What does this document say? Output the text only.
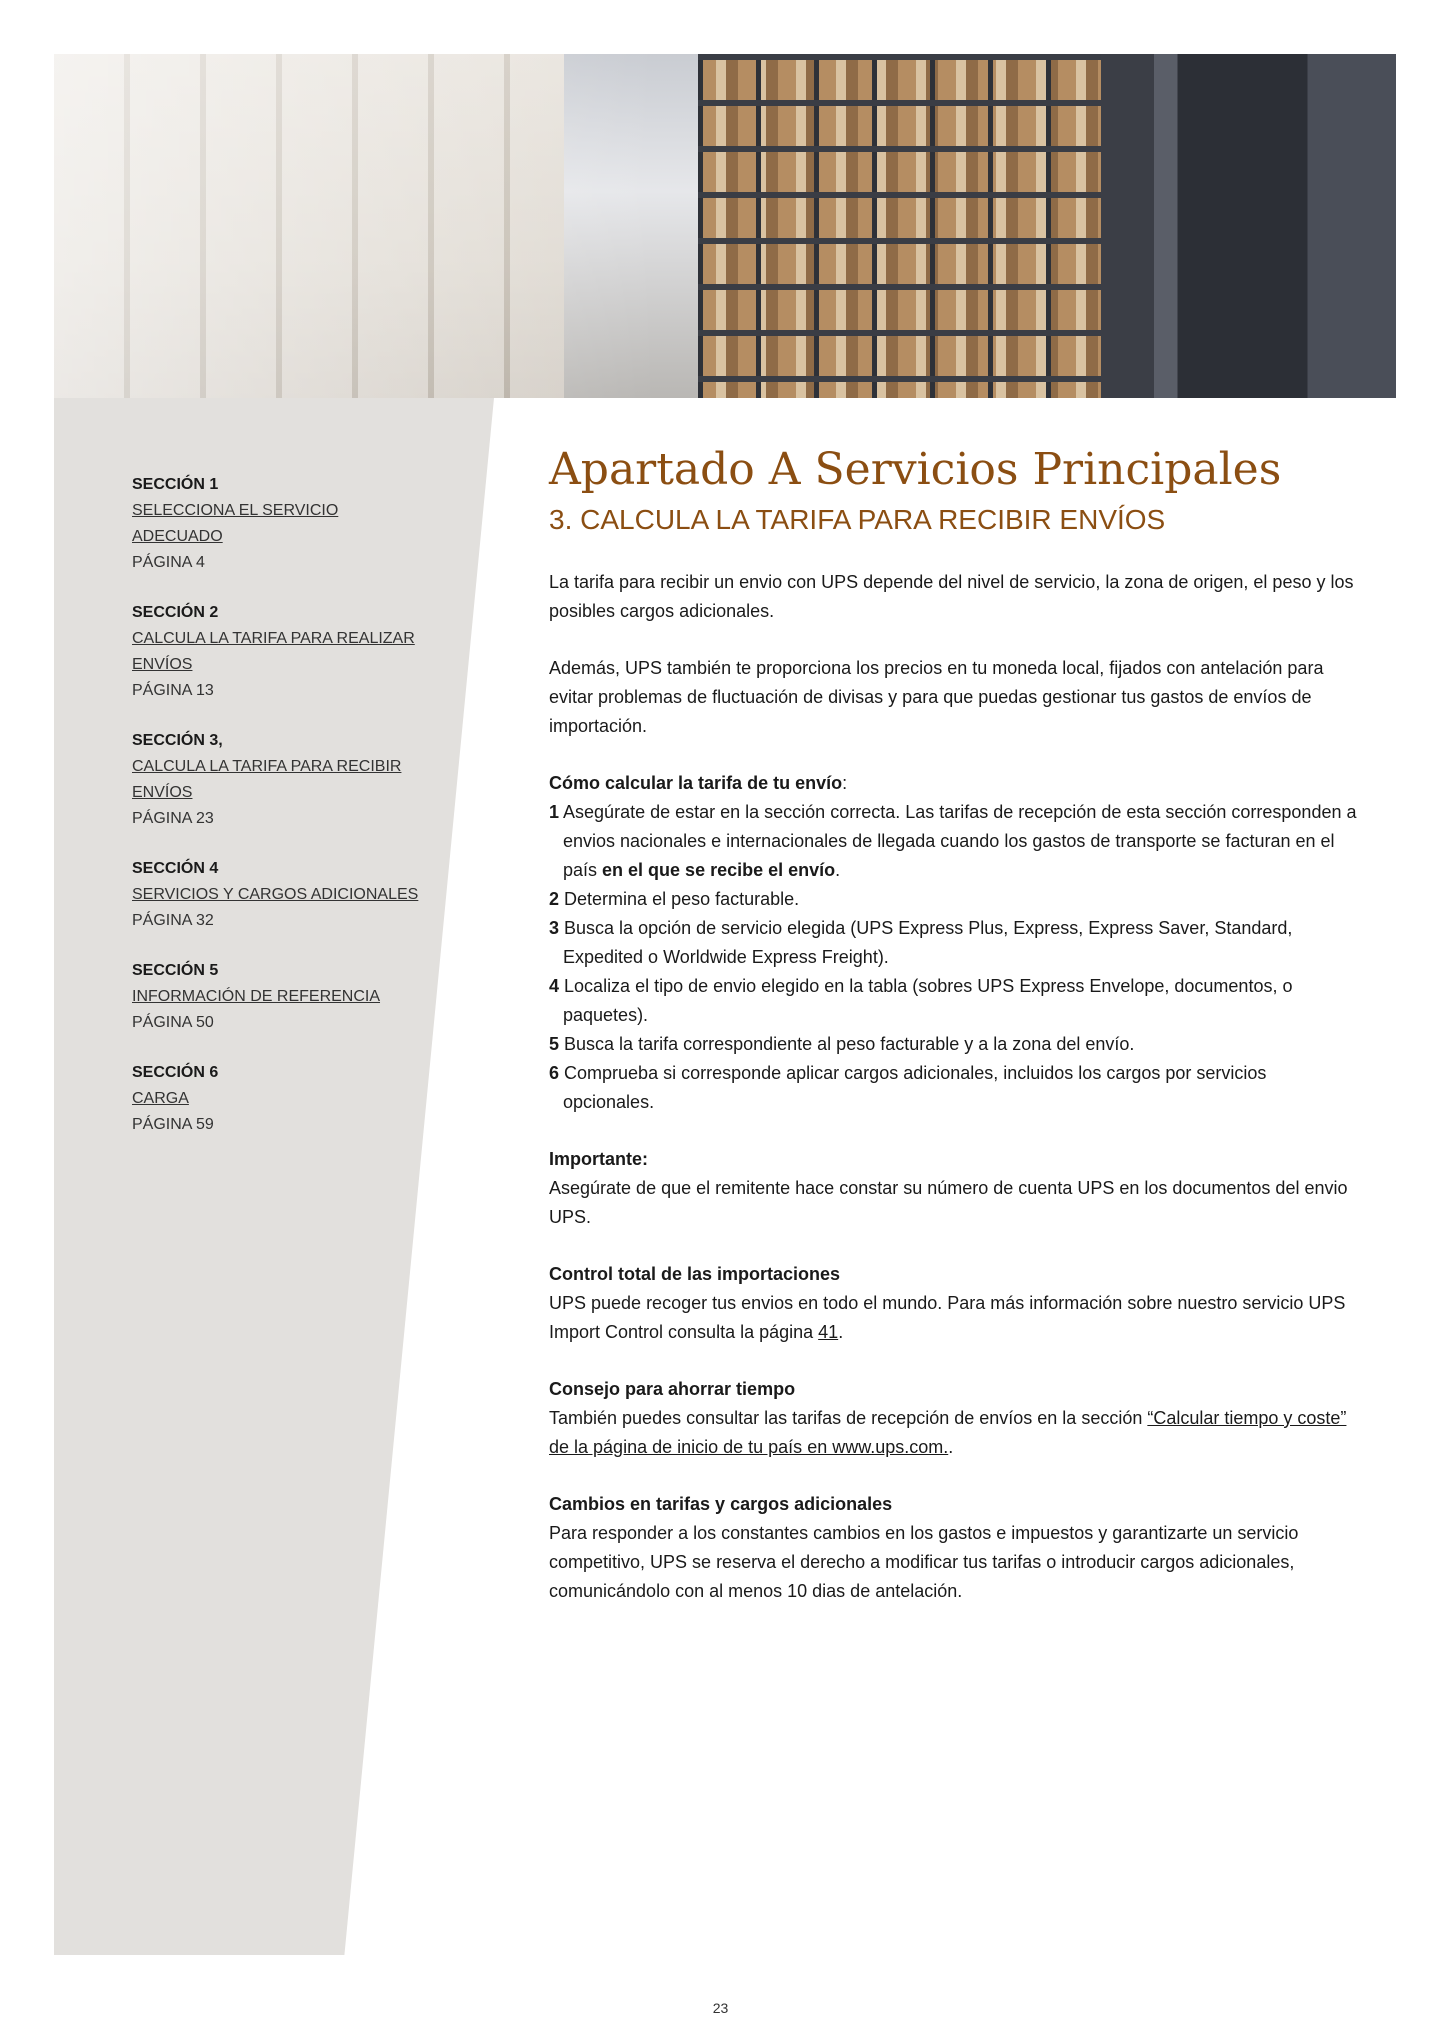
SECCIÓN 1
SELECCIONA EL SERVICIO
ADECUADO
PÁGINA 4
SECCIÓN 2
CALCULA LA TARIFA PARA REALIZAR
ENVÍOS
PÁGINA 13
SECCIÓN 3,
CALCULA LA TARIFA PARA RECIBIR
ENVÍOS
PÁGINA 23
SECCIÓN 4
SERVICIOS Y CARGOS ADICIONALES
PÁGINA 32
SECCIÓN 5
INFORMACIÓN DE REFERENCIA
PÁGINA 50
SECCIÓN 6
CARGA
PÁGINA 59
Apartado A Servicios Principales
3. CALCULA LA TARIFA PARA RECIBIR ENVÍOS

La tarifa para recibir un envio con UPS depende del nivel de servicio, la zona de origen, el peso y los posibles cargos adicionales.

Además, UPS también te proporciona los precios en tu moneda local, fijados con antelación para evitar problemas de fluctuación de divisas y para que puedas gestionar tus gastos de envíos de importación.

Cómo calcular la tarifa de tu envío:

1 Asegúrate de estar en la sección correcta. Las tarifas de recepción de esta sección corresponden a envios nacionales e internacionales de llegada cuando los gastos de transporte se facturan en el país en el que se recibe el envío.
2 Determina el peso facturable.
3 Busca la opción de servicio elegida (UPS Express Plus, Express, Express Saver, Standard, Expedited o Worldwide Express Freight).
4 Localiza el tipo de envio elegido en la tabla (sobres UPS Express Envelope, documentos, o paquetes).
5 Busca la tarifa correspondiente al peso facturable y a la zona del envío.
6 Comprueba si corresponde aplicar cargos adicionales, incluidos los cargos por servicios opcionales.

Importante:

Asegúrate de que el remitente hace constar su número de cuenta UPS en los documentos del envio UPS.

Control total de las importaciones

UPS puede recoger tus envios en todo el mundo. Para más información sobre nuestro servicio UPS Import Control consulta la página 41.

Consejo para ahorrar tiempo

También puedes consultar las tarifas de recepción de envíos en la sección “Calcular tiempo y coste” de la página de inicio de tu país en www.ups.com..

Cambios en tarifas y cargos adicionales

Para responder a los constantes cambios en los gastos e impuestos y garantizarte un servicio competitivo, UPS se reserva el derecho a modificar tus tarifas o introducir cargos adicionales, comunicándolo con al menos 10 dias de antelación.
23
